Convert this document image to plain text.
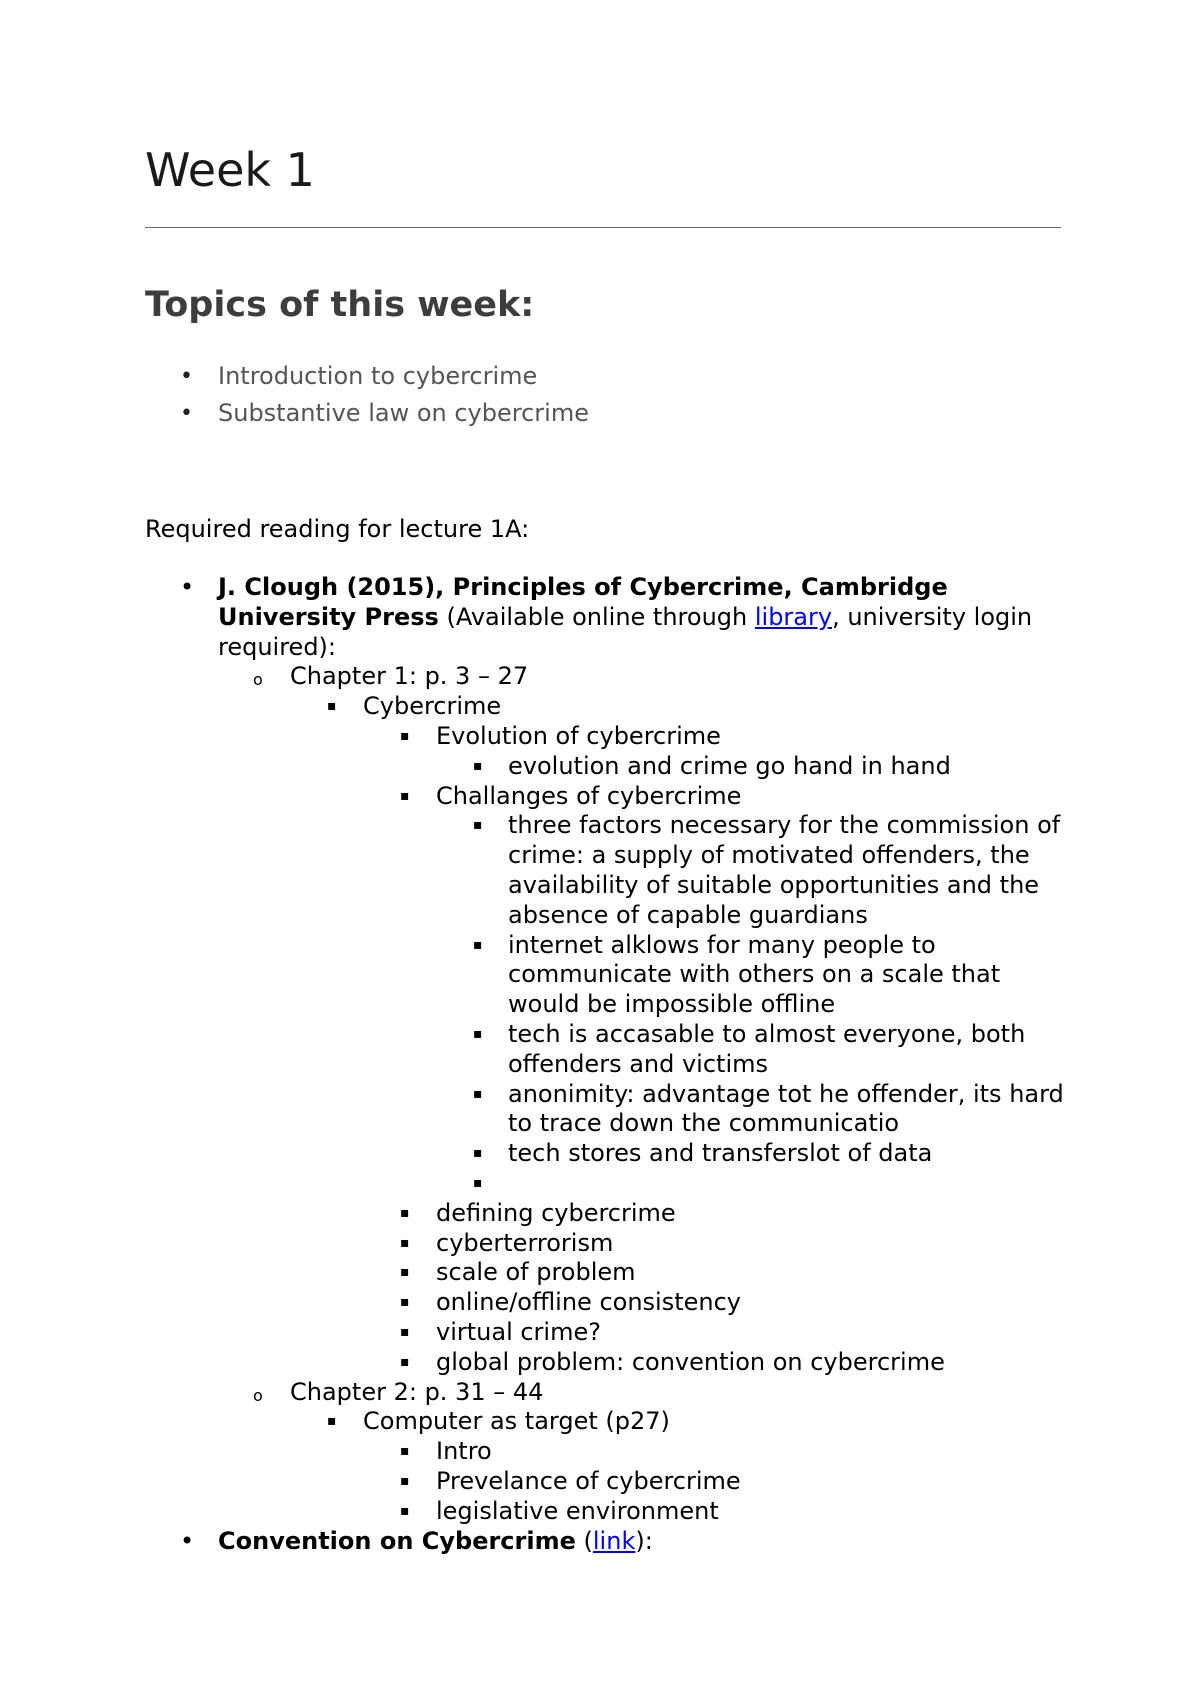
Week 1
Topics of this week:
• Introduction to cybercrime
• Substantive law on cybercrime

Required reading for lecture 1A:

• J. Clough (2015), Principles of Cybercrime, Cambridge University Press (Available online through library, university login required):
o Chapter 1: p. 3 – 27
▪ Cybercrime
▪ Evolution of cybercrime
▪ evolution and crime go hand in hand
▪ Challanges of cybercrime
▪ three factors necessary for the commission of crime: a supply of motivated offenders, the availability of suitable opportunities and the absence of capable guardians
▪ internet alklows for many people to communicate with others on a scale that would be impossible offline
▪ tech is accasable to almost everyone, both offenders and victims
▪ anonimity: advantage tot he offender, its hard to trace down the communicatio
▪ tech stores and transferslot of data
▪
▪ defining cybercrime
▪ cyberterrorism
▪ scale of problem
▪ online/offline consistency
▪ virtual crime?
▪ global problem: convention on cybercrime
o Chapter 2: p. 31 – 44
▪ Computer as target (p27)
▪ Intro
▪ Prevelance of cybercrime
▪ legislative environment
• Convention on Cybercrime (link):
